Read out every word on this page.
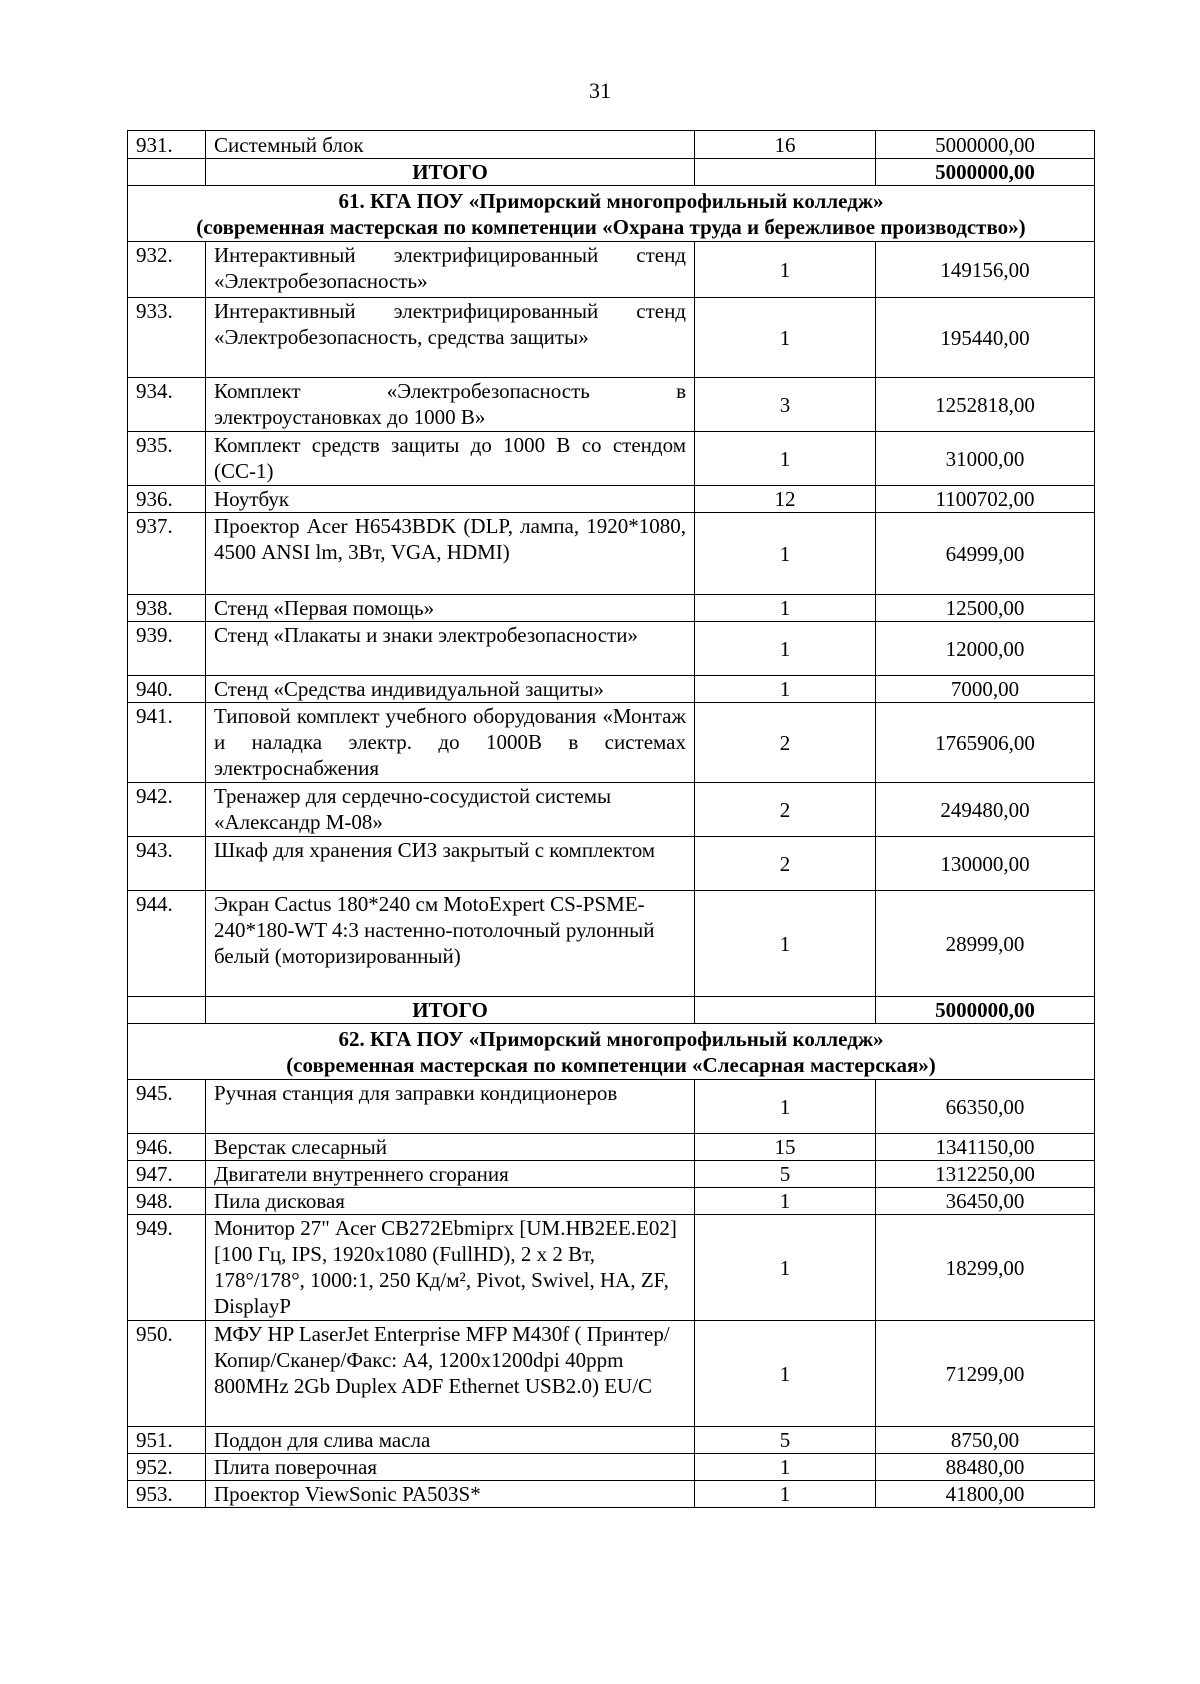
31
931.	Системный блок	16	5000000,00
	ИТОГО		5000000,00

61. КГА ПОУ «Приморский многопрофильный колледж»
(современная мастерская по компетенции «Охрана труда и бережливое производство»)			

932.	Интерактивный электрифицированный стенд «Электробезопасность»	1	149156,00
933.	Интерактивный электрифицированный стенд «Электробезопасность, средства защиты»	1	195440,00
934.	Комплект «Электробезопасность в электроустановках до 1000 В»	3	1252818,00
935.	Комплект средств защиты до 1000 В со стендом (СС-1)	1	31000,00
936.	Ноутбук	12	1100702,00
937.	Проектор Acer H6543BDK (DLP, лампа, 1920*1080, 4500 ANSI lm, 3Вт, VGA, HDMI)	1	64999,00
938.	Стенд «Первая помощь»	1	12500,00
939.	Стенд «Плакаты и знаки электробезопасности»	1	12000,00
940.	Стенд «Средства индивидуальной защиты»	1	7000,00
941.	Типовой комплект учебного оборудования «Монтаж и наладка электр. до 1000В в системах электроснабжения	2	1765906,00
942.	Тренажер для сердечно-сосудистой системы «Александр М-08»	2	249480,00
943.	Шкаф для хранения СИЗ закрытый с комплектом	2	130000,00
944.	Экран Cactus 180*240 см MotoExpert CS-PSME-240*180-WT 4:3 настенно-потолочный рулонный белый (моторизированный)	1	28999,00
	ИТОГО		5000000,00

62. КГА ПОУ «Приморский многопрофильный колледж»
(современная мастерская по компетенции «Слесарная мастерская»)			

945.	Ручная станция для заправки кондиционеров	1	66350,00
946.	Верстак слесарный	15	1341150,00
947.	Двигатели внутреннего сгорания	5	1312250,00
948.	Пила дисковая	1	36450,00
949.	Монитор 27" Acer CB272Ebmiprx [UM.HB2EE.E02] [100 Гц, IPS, 1920x1080 (FullHD), 2 x 2 Вт, 178°/178°, 1000:1, 250 Кд/м², Pivot, Swivel, HA, ZF, DisplayP	1	18299,00
950.	МФУ HP LaserJet Enterprise MFP M430f ( Принтер/Копир/Сканер/Факс: A4, 1200x1200dpi 40ppm 800MHz 2Gb Duplex ADF Ethernet USB2.0) EU/C	1	71299,00
951.	Поддон для слива масла	5	8750,00
952.	Плита поверочная	1	88480,00
953.	Проектор ViewSonic PA503S*	1	41800,00
